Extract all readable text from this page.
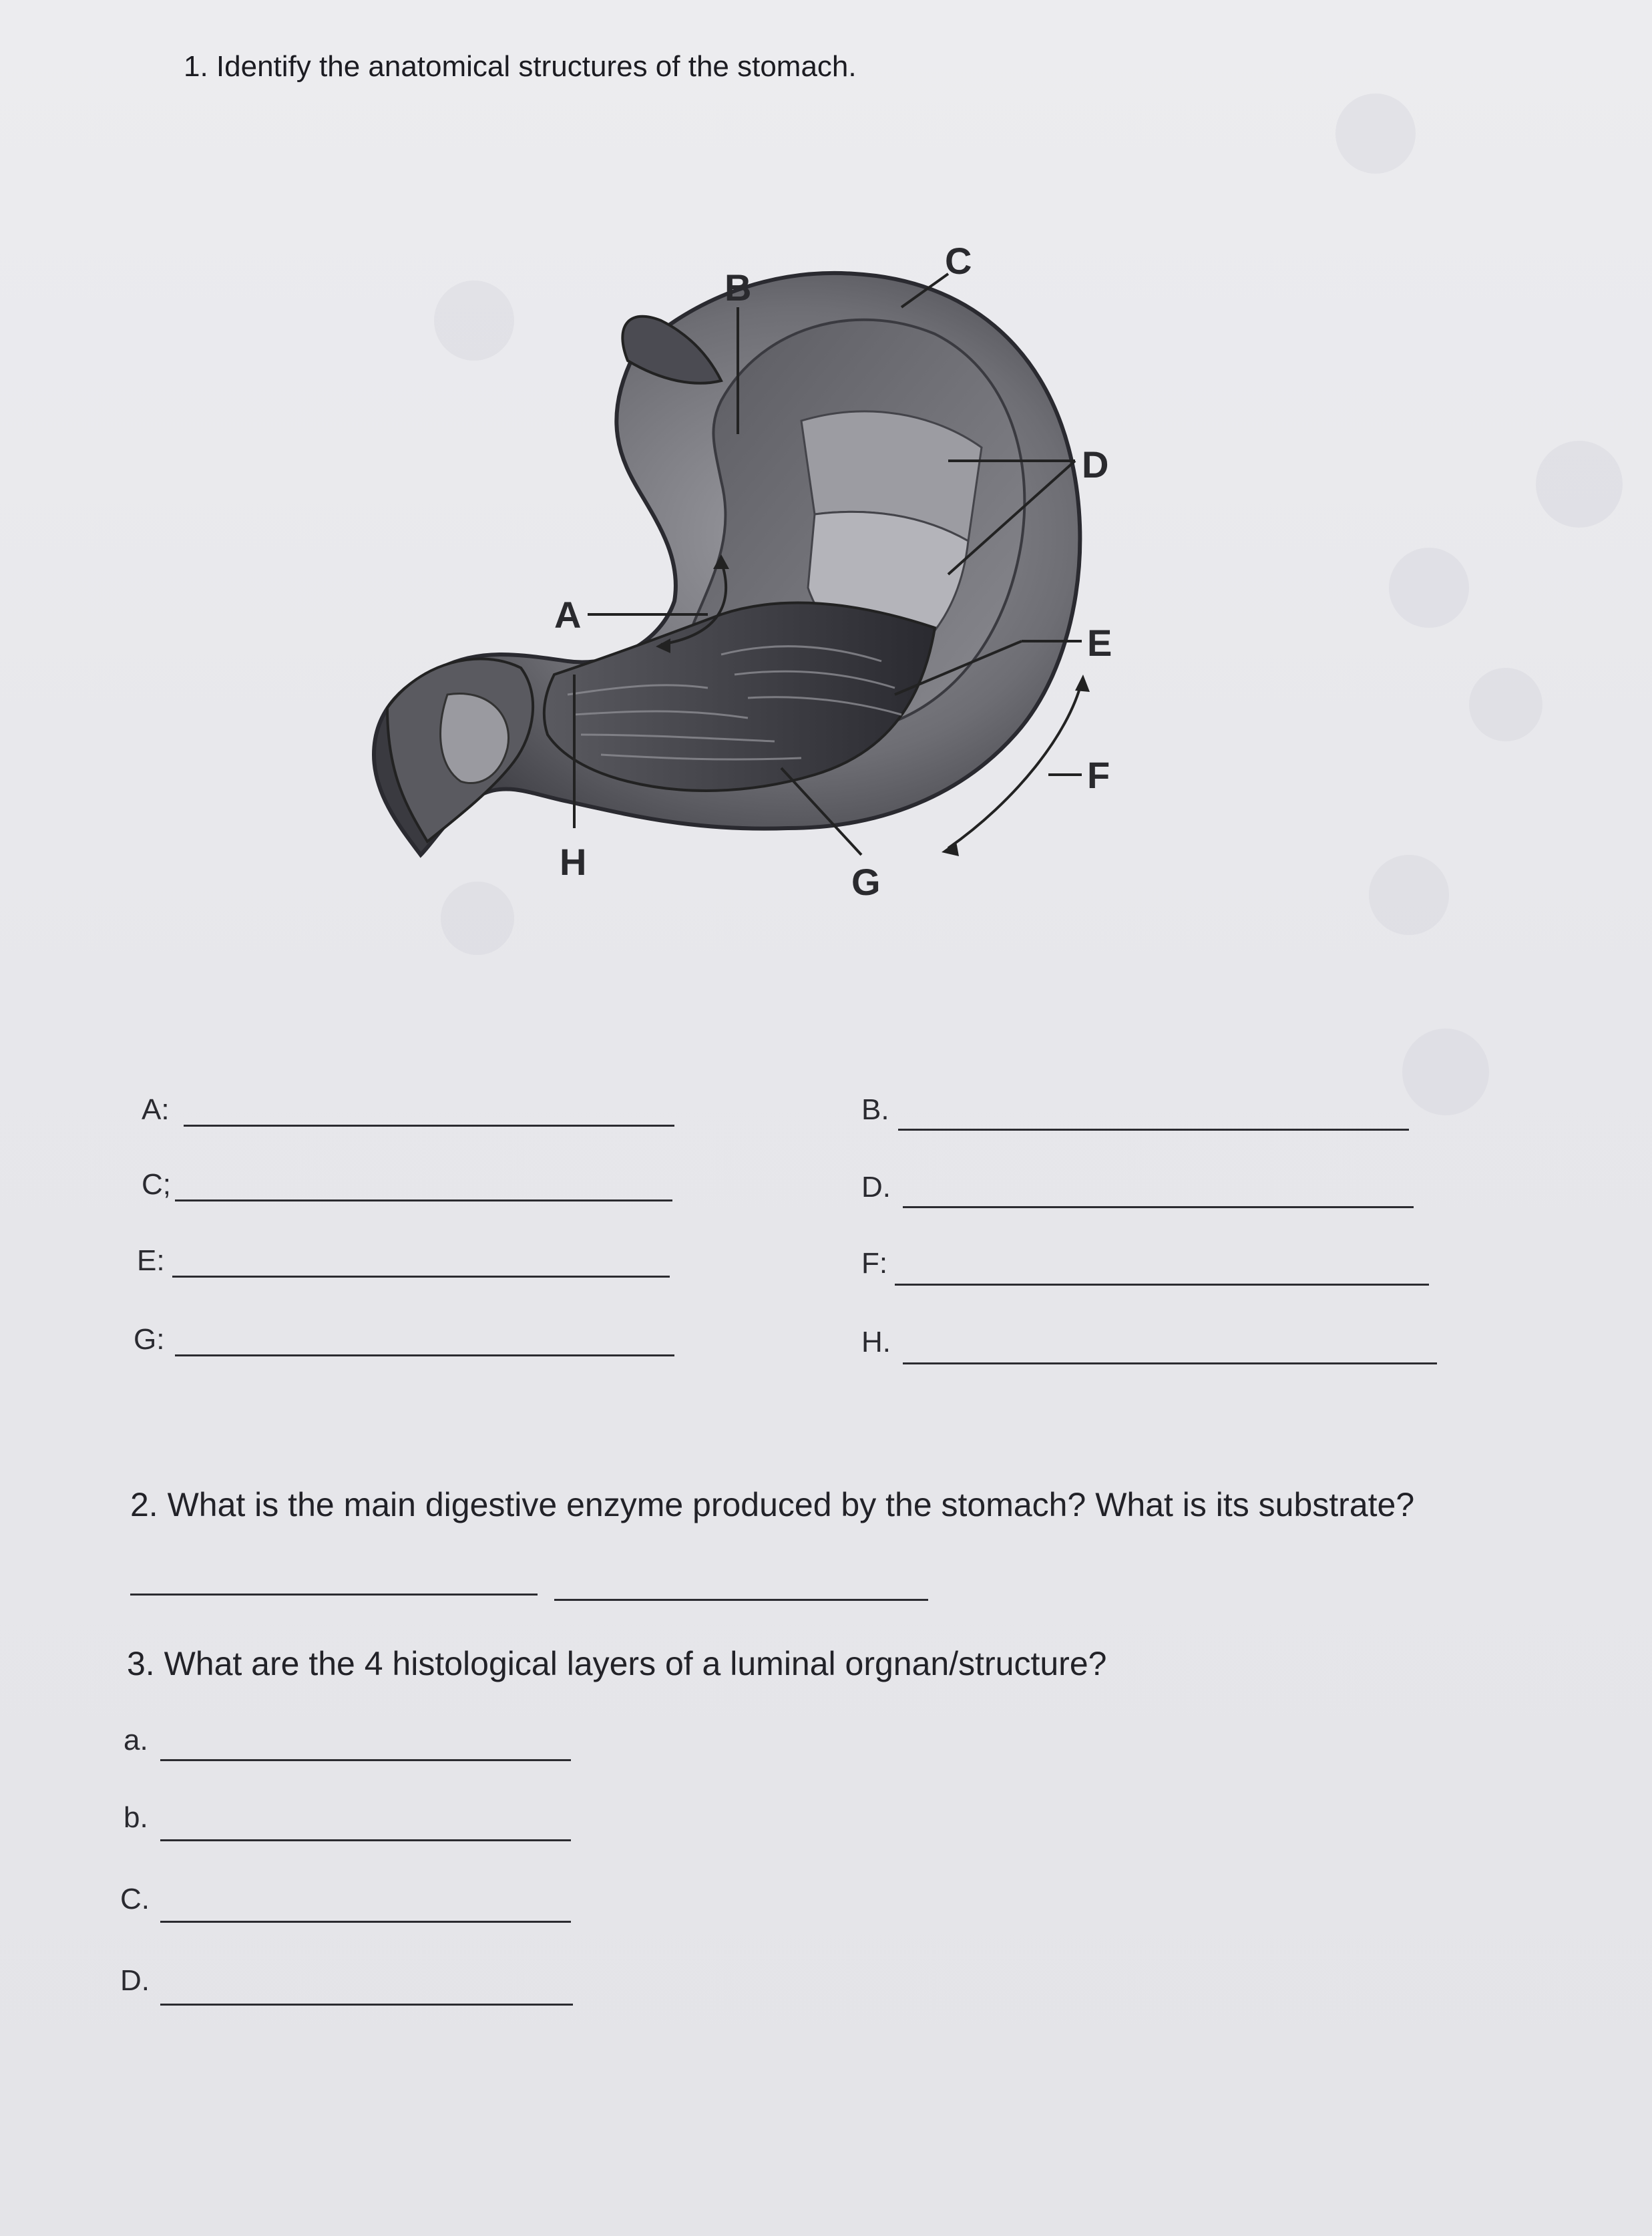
1. Identify the anatomical structures of the stomach.
B
C
D
A
E
F
H	G
A:
C;
E:
G:
B.
D.
F:
H.
2. What is the main digestive enzyme produced by the stomach? What is its substrate?
3. What are the 4 histological layers of a luminal orgnan/structure?
a.
b.
C.
D.
